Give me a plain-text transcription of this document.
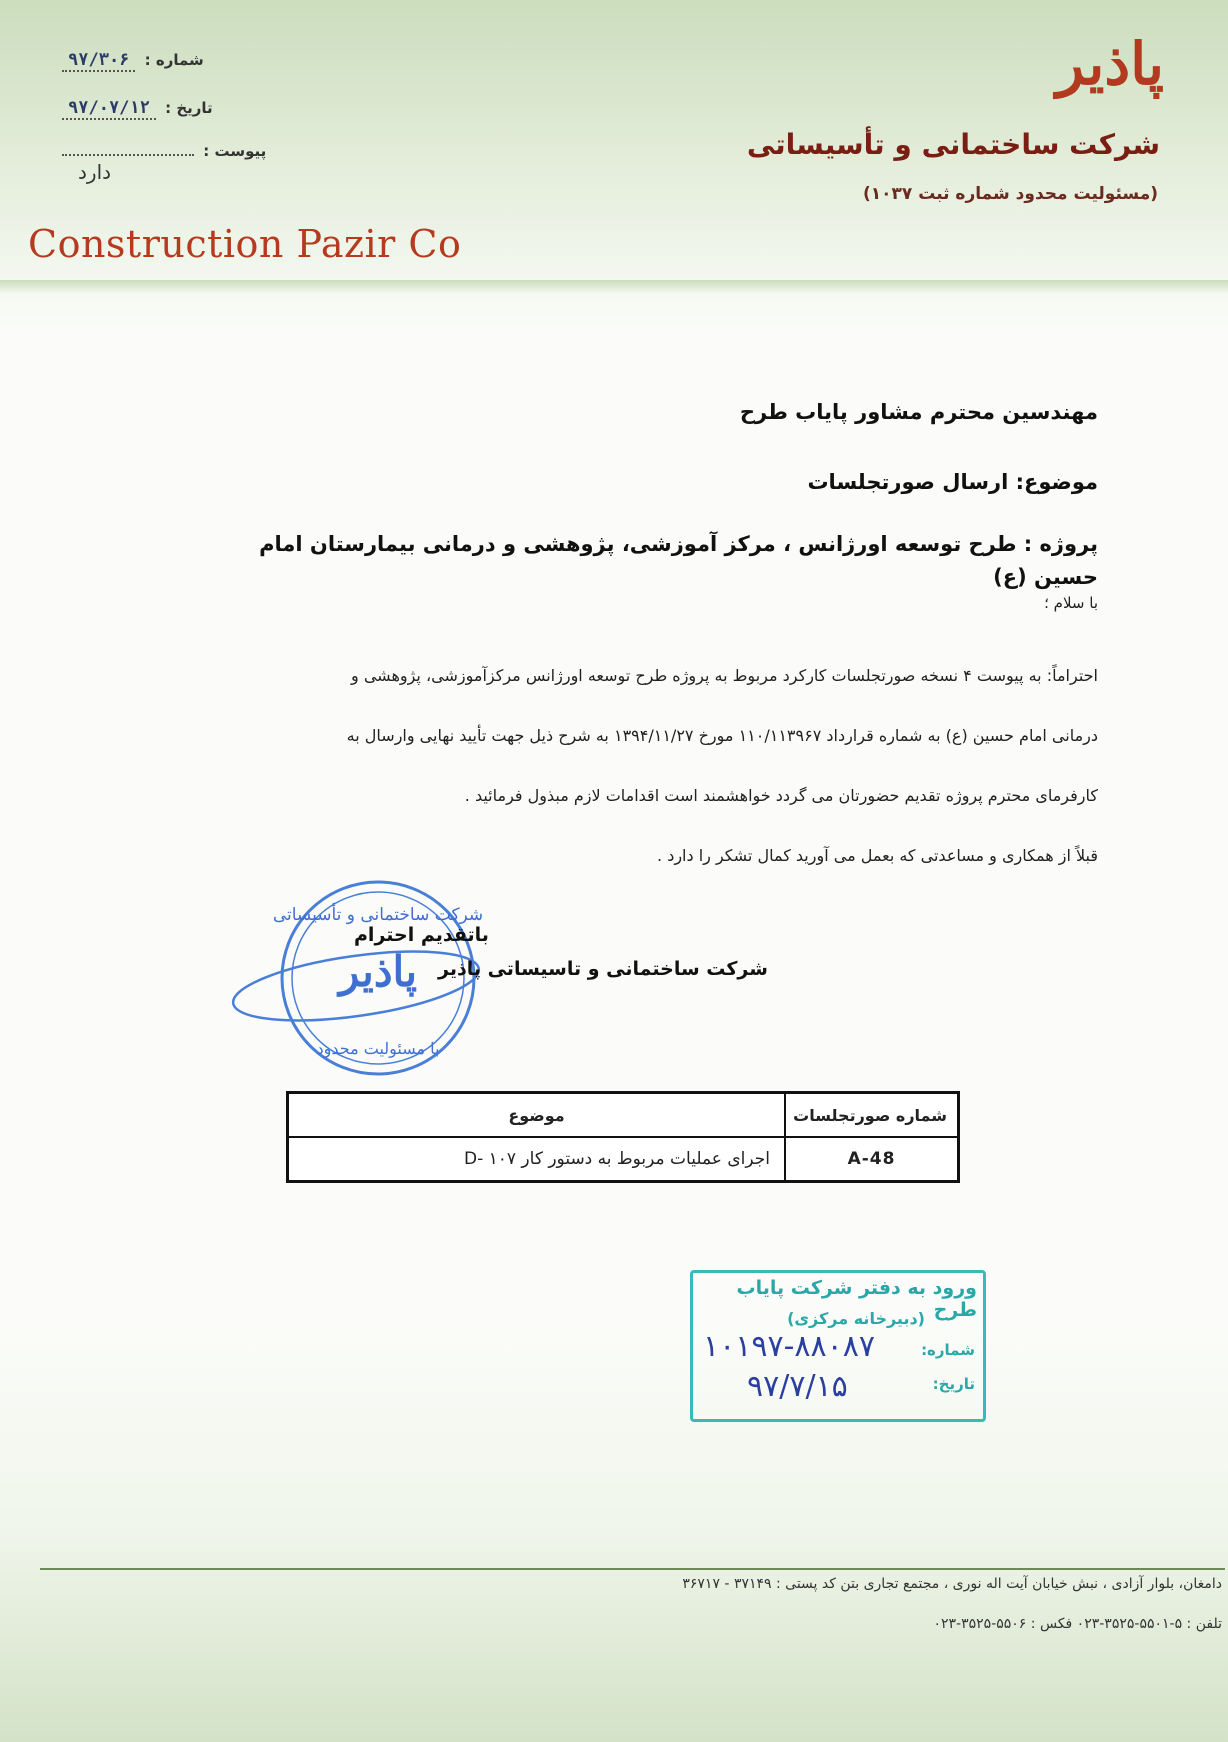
پاذیر
شرکت ساختمانی و تأسیساتی
(مسئولیت محدود شماره ثبت ۱۰۳۷)
Construction Pazir Co
شماره : ۹۷/۳۰۶
تاریخ : ۹۷/۰۷/۱۲
پیوست :
دارد
مهندسین محترم مشاور پایاب طرح
موضوع: ارسال صورتجلسات
پروژه : طرح توسعه اورژانس ، مرکز آموزشی، پژوهشی و درمانی بیمارستان امام حسین (ع)
با سلام ؛

احتراماً: به پیوست ۴ نسخه صورتجلسات کارکرد مربوط به پروژه طرح توسعه اورژانس مرکزآموزشی، پژوهشی و

درمانی امام حسین (ع) به شماره قرارداد ۱۱۰/۱۱۳۹۶۷ مورخ ۱۳۹۴/۱۱/۲۷ به شرح ذیل جهت تأیید نهایی وارسال به

کارفرمای محترم پروژه تقدیم حضورتان می گردد خواهشمند است اقدامات لازم مبذول فرمائید .

قبلاً از همکاری و مساعدتی که بعمل می آورید کمال تشکر را دارد .

شرکت ساختمانی و تأسیساتی
پاذیر
با مسئولیت محدود
باتقدیم احترام
شرکت ساختمانی و تاسیساتی پاذیر
شماره صورتجلسات	موضوع
A-48	اجرای عملیات مربوط به دستور کار ۱۰۷ -D
ورود به دفتر شرکت پایاب طرح
(دبیرخانه مرکزی)
شماره:
تاریخ:
۱۰۱۹۷-۸۸۰۸۷
۹۷/۷/۱۵
دامغان، بلوار آزادی ، نبش خیابان آیت اله نوری ، مجتمع تجاری بتن کد پستی : ۳۷۱۴۹ - ۳۶۷۱۷
تلفن : ۵-۵۵۰۱-۳۵۲۵-۰۲۳ فکس : ۵۵۰۶-۳۵۲۵-۰۲۳
